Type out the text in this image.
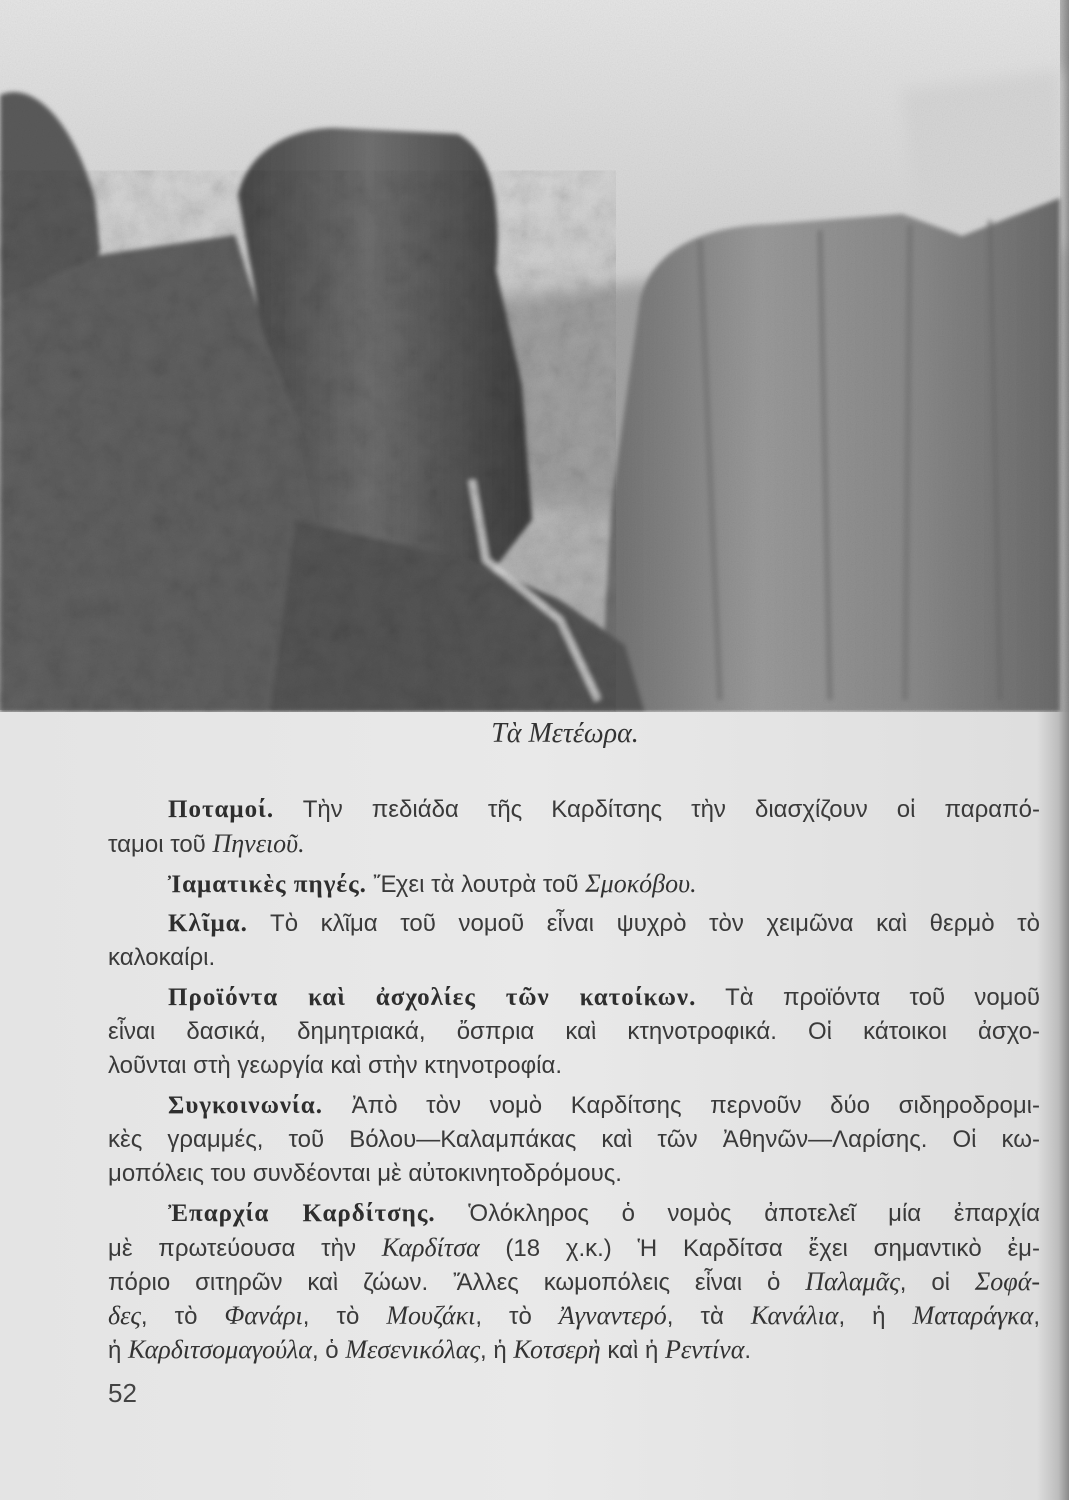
Τὰ Μετέωρα.
Ποταμοί. Τὴν πεδιάδα τῆς Καρδίτσης τὴν διασχίζουν οἱ παραπό-
ταμοι τοῦ Πηνειοῦ.
Ἰαματικὲς πηγές. Ἔχει τὰ λουτρὰ τοῦ Σμοκόβου.
Κλῖμα. Τὸ κλῖμα τοῦ νομοῦ εἶναι ψυχρὸ τὸν χειμῶνα καὶ θερμὸ τὸ
καλοκαίρι.
Προϊόντα καὶ ἀσχολίες τῶν κατοίκων. Τὰ προϊόντα τοῦ νομοῦ
εἶναι δασικά, δημητριακά, ὄσπρια καὶ κτηνοτροφικά. Οἱ κάτοικοι ἀσχο-
λοῦνται στὴ γεωργία καὶ στὴν κτηνοτροφία.
Συγκοινωνία. Ἀπὸ τὸν νομὸ Καρδίτσης περνοῦν δύο σιδηροδρομι-
κὲς γραμμές, τοῦ Βόλου—Καλαμπάκας καὶ τῶν Ἀθηνῶν—Λαρίσης. Οἱ κω-
μοπόλεις του συνδέονται μὲ αὐτοκινητοδρόμους.
Ἐπαρχία Καρδίτσης. Ὁλόκληρος ὁ νομὸς ἀποτελεῖ μία ἐπαρχία
μὲ πρωτεύουσα τὴν Καρδίτσα (18 χ.κ.) Ἡ Καρδίτσα ἔχει σημαντικὸ ἐμ-
πόριο σιτηρῶν καὶ ζώων. Ἄλλες κωμοπόλεις εἶναι ὁ Παλαμᾶς, οἱ Σοφά-
δες, τὸ Φανάρι, τὸ Μουζάκι, τὸ Ἀγναντερό, τὰ Κανάλια, ἡ Ματαράγκα,
ἡ Καρδιτσομαγούλα, ὁ Μεσενικόλας, ἡ Κοτσερὴ καὶ ἡ Ρεντίνα.
52
